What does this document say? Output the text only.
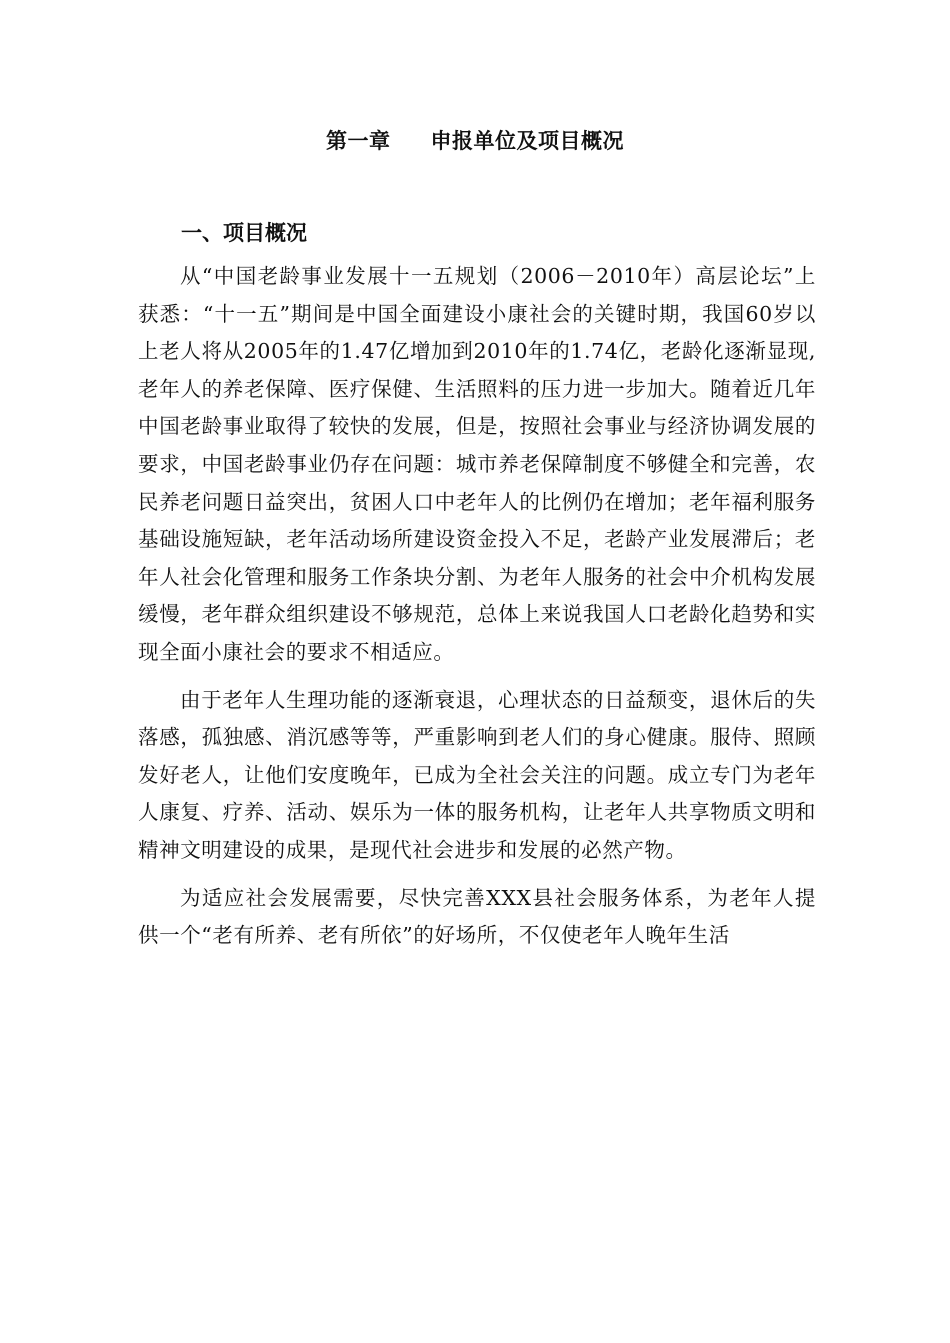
第一章 申报单位及项目概况
一、项目概况

从“中国老龄事业发展十一五规划（2006－2010年）高层论坛”上获悉：“十一五”期间是中国全面建设小康社会的关键时期，我国60岁以上老人将从2005年的1.47亿增加到2010年的1.74亿，老龄化逐渐显现,老年人的养老保障、医疗保健、生活照料的压力进一步加大。随着近几年中国老龄事业取得了较快的发展，但是，按照社会事业与经济协调发展的要求，中国老龄事业仍存在问题：城市养老保障制度不够健全和完善，农民养老问题日益突出，贫困人口中老年人的比例仍在增加；老年福利服务基础设施短缺，老年活动场所建设资金投入不足，老龄产业发展滞后；老年人社会化管理和服务工作条块分割、为老年人服务的社会中介机构发展缓慢，老年群众组织建设不够规范，总体上来说我国人口老龄化趋势和实现全面小康社会的要求不相适应。

由于老年人生理功能的逐渐衰退，心理状态的日益颓变，退休后的失落感，孤独感、消沉感等等，严重影响到老人们的身心健康。服侍、照顾发好老人，让他们安度晚年，已成为全社会关注的问题。成立专门为老年人康复、疗养、活动、娱乐为一体的服务机构，让老年人共享物质文明和精神文明建设的成果，是现代社会进步和发展的必然产物。

为适应社会发展需要，尽快完善XXX县社会服务体系，为老年人提供一个“老有所养、老有所依”的好场所，不仅使老年人晚年生活
